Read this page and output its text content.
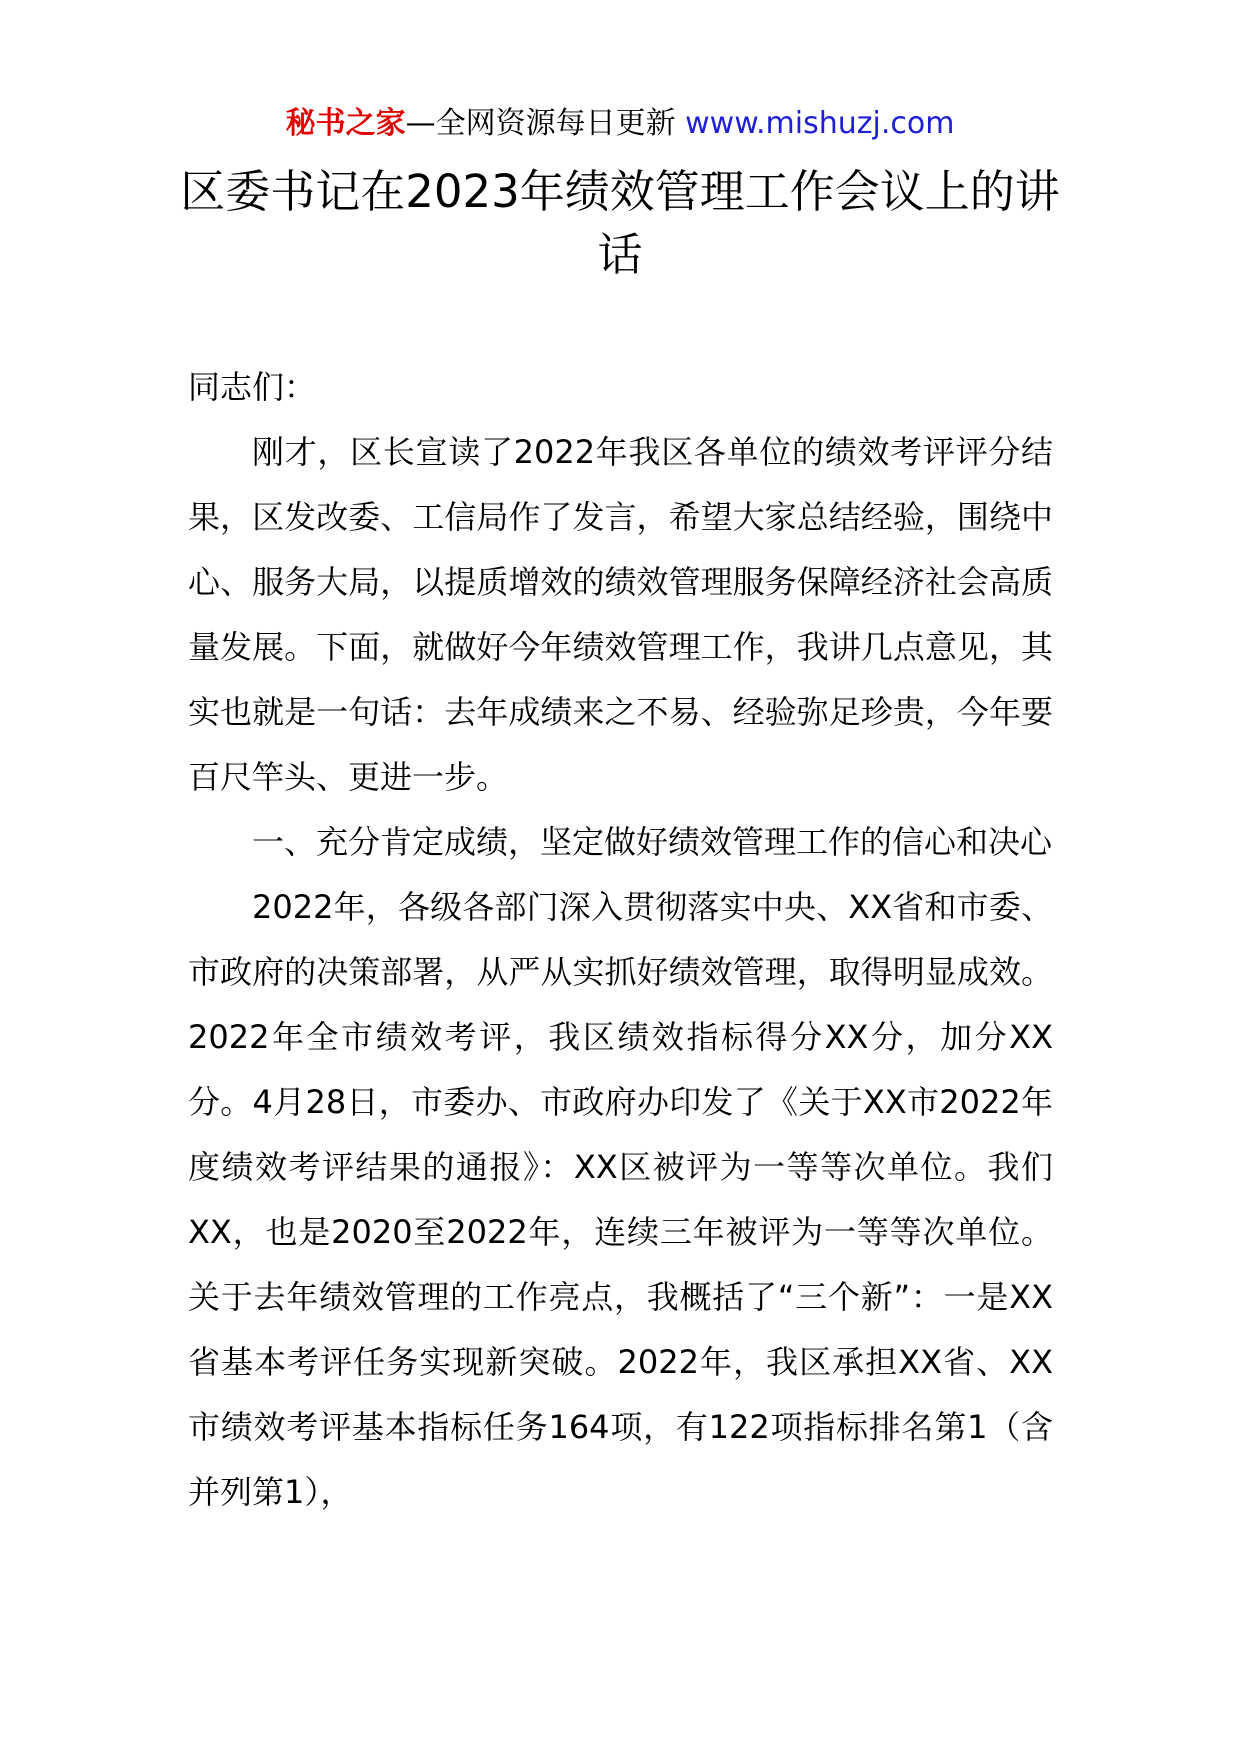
秘书之家—全网资源每日更新 www.mishuzj.com
区委书记在2023年绩效管理工作会议上的讲话

同志们：

刚才，区长宣读了2022年我区各单位的绩效考评评分结果，区发改委、工信局作了发言，希望大家总结经验，围绕中心、服务大局，以提质增效的绩效管理服务保障经济社会高质量发展。下面，就做好今年绩效管理工作，我讲几点意见，其实也就是一句话：去年成绩来之不易、经验弥足珍贵，今年要百尺竿头、更进一步。

一、充分肯定成绩，坚定做好绩效管理工作的信心和决心

2022年，各级各部门深入贯彻落实中央、XX省和市委、市政府的决策部署，从严从实抓好绩效管理，取得明显成效。2022年全市绩效考评，我区绩效指标得分XX分，加分XX分。4月28日，市委办、市政府办印发了《关于XX市2022年度绩效考评结果的通报》：XX区被评为一等等次单位。我们XX，也是2020至2022年，连续三年被评为一等等次单位。关于去年绩效管理的工作亮点，我概括了“三个新”：一是XX省基本考评任务实现新突破。2022年，我区承担XX省、XX市绩效考评基本指标任务164项，有122项指标排名第1（含并列第1），
